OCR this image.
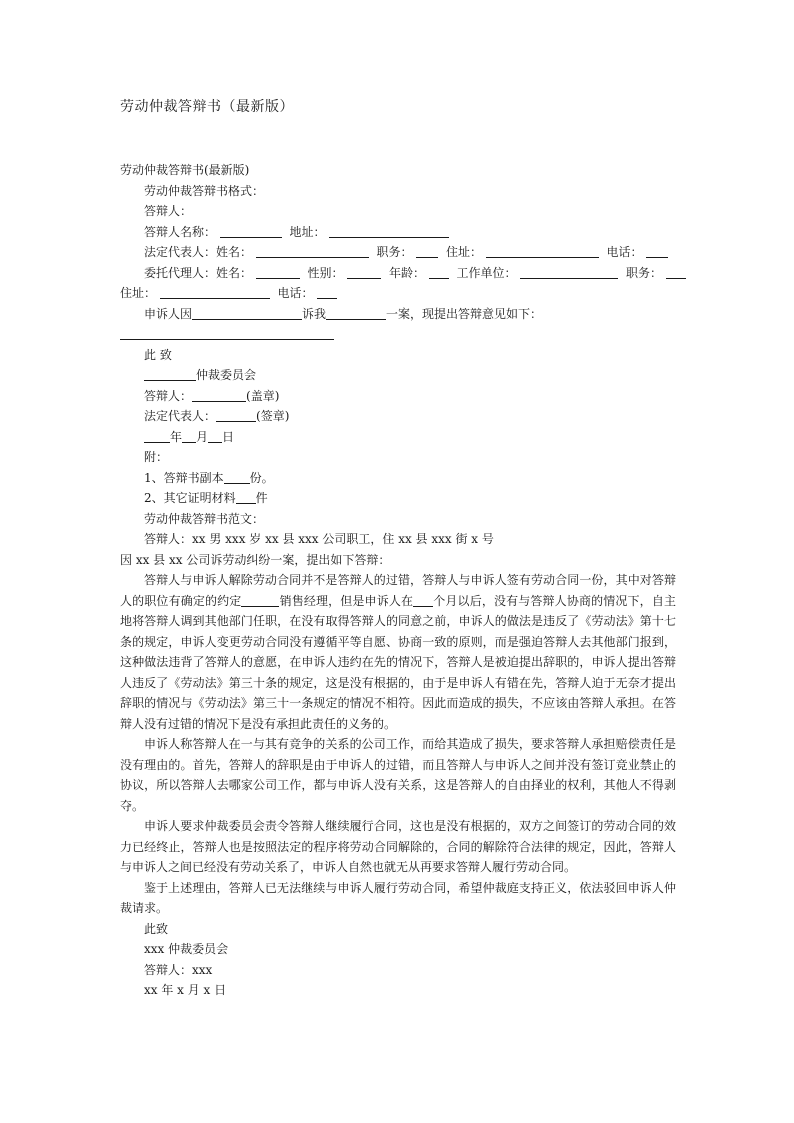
劳动仲裁答辩书（最新版）
劳动仲裁答辩书(最新版)
劳动仲裁答辩书格式：
答辩人：
答辩人名称：	地址：
法定代表人：姓名：	职务：	住址：	电话：
委托代理人：姓名：	性别：	年龄：	工作单位：	职务：
住址：	电话：
申诉人因	诉我	一案，现提出答辩意见如下：
此 致
仲裁委员会
答辩人：	(盖章)
法定代表人：	(签章)
年 月 日
附：
1、答辩书副本 份。
2、其它证明材料 件
劳动仲裁答辩书范文：
答辩人：xx 男 xxx 岁 xx 县 xxx 公司职工，住 xx 县 xxx 街 x 号
因 xx 县 xx 公司诉劳动纠纷一案，提出如下答辩：

答辩人与申诉人解除劳动合同并不是答辩人的过错，答辩人与申诉人签有劳动合同一份，其中对答辩人的职位有确定的约定	销售经理，但是申诉人在 个月以后，没有与答辩人协商的情况下，自主地将答辩人调到其他部门任职，在没有取得答辩人的同意之前，申诉人的做法是违反了《劳动法》第十七条的规定，申诉人变更劳动合同没有遵循平等自愿、协商一致的原则，而是强迫答辩人去其他部门报到，这种做法违背了答辩人的意愿，在申诉人违约在先的情况下，答辩人是被迫提出辞职的，申诉人提出答辩人违反了《劳动法》第三十条的规定，这是没有根据的，由于是申诉人有错在先，答辩人迫于无奈才提出辞职的情况与《劳动法》第三十一条规定的情况不相符。因此而造成的损失，不应该由答辩人承担。在答辩人没有过错的情况下是没有承担此责任的义务的。

申诉人称答辩人在一与其有竞争的关系的公司工作，而给其造成了损失，要求答辩人承担赔偿责任是没有理由的。首先，答辩人的辞职是由于申诉人的过错，而且答辩人与申诉人之间并没有签订竞业禁止的协议，所以答辩人去哪家公司工作，都与申诉人没有关系，这是答辩人的自由择业的权利，其他人不得剥夺。

申诉人要求仲裁委员会责令答辩人继续履行合同，这也是没有根据的，双方之间签订的劳动合同的效力已经终止，答辩人也是按照法定的程序将劳动合同解除的，合同的解除符合法律的规定，因此，答辩人与申诉人之间已经没有劳动关系了，申诉人自然也就无从再要求答辩人履行劳动合同。

鉴于上述理由，答辩人已无法继续与申诉人履行劳动合同，希望仲裁庭支持正义，依法驳回申诉人仲裁请求。

此致
xxx 仲裁委员会
答辩人：xxx
xx 年 x 月 x 日
